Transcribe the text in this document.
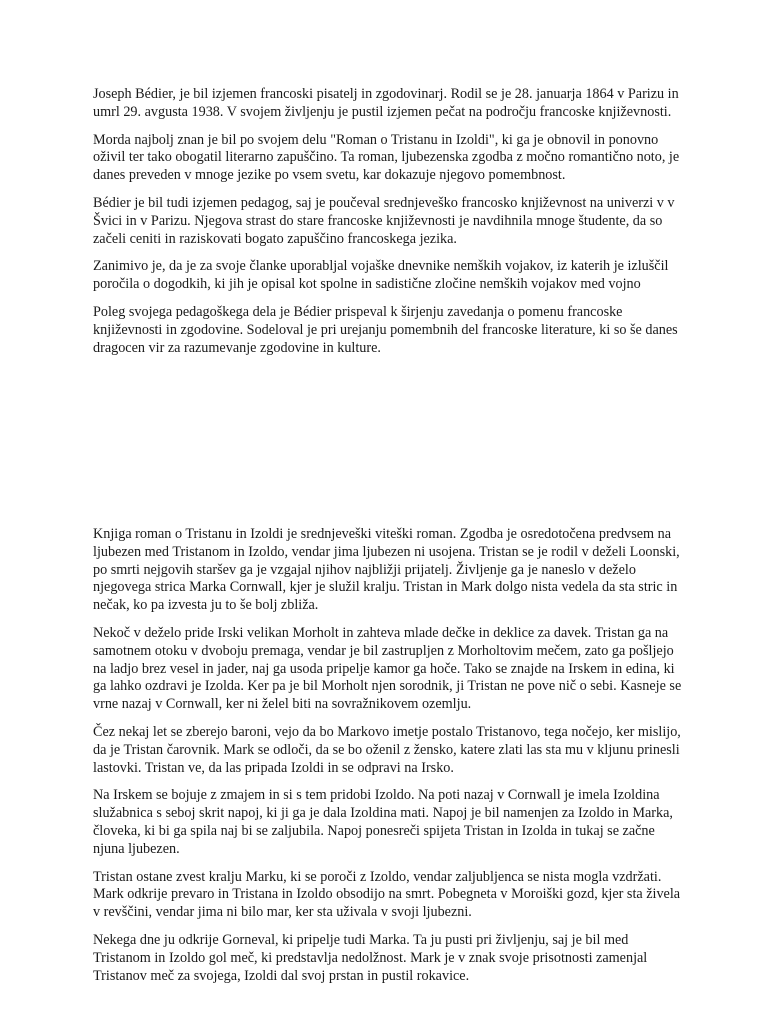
Joseph Bédier, je bil izjemen francoski pisatelj in zgodovinarj. Rodil se je 28. januarja 1864 v Parizu in umrl 29. avgusta 1938. V svojem življenju je pustil izjemen pečat na področju francoske književnosti.

Morda najbolj znan je bil po svojem delu "Roman o Tristanu in Izoldi", ki ga je obnovil in ponovno oživil ter tako obogatil literarno zapuščino. Ta roman, ljubezenska zgodba z močno romantično noto, je danes preveden v mnoge jezike po vsem svetu, kar dokazuje njegovo pomembnost.

Bédier je bil tudi izjemen pedagog, saj je poučeval srednjeveško francosko književnost na univerzi v v Švici in v Parizu. Njegova strast do stare francoske književnosti je navdihnila mnoge študente, da so začeli ceniti in raziskovati bogato zapuščino francoskega jezika.

Zanimivo je, da je za svoje članke uporabljal vojaške dnevnike nemških vojakov, iz katerih je izluščil poročila o dogodkih, ki jih je opisal kot spolne in sadistične zločine nemških vojakov med vojno

Poleg svojega pedagoškega dela je Bédier prispeval k širjenju zavedanja o pomenu francoske književnosti in zgodovine. Sodeloval je pri urejanju pomembnih del francoske literature, ki so še danes dragocen vir za razumevanje zgodovine in kulture.

Knjiga roman o Tristanu in Izoldi je srednjeveški viteški roman. Zgodba je osredotočena predvsem na ljubezen med Tristanom in Izoldo, vendar jima ljubezen ni usojena. Tristan se je rodil v deželi Loonski, po smrti nejgovih staršev ga je vzgajal njihov najbližji prijatelj. Življenje ga je naneslo v deželo njegovega strica Marka Cornwall, kjer je služil kralju. Tristan in Mark dolgo nista vedela da sta stric in nečak, ko pa izvesta ju to še bolj zbliža.

Nekoč v deželo pride Irski velikan Morholt in zahteva mlade dečke in deklice za davek. Tristan ga na samotnem otoku v dvoboju premaga, vendar je bil zastrupljen z Morholtovim mečem, zato ga pošljejo na ladjo brez vesel in jader, naj ga usoda pripelje kamor ga hoče. Tako se znajde na Irskem in edina, ki ga lahko ozdravi je Izolda. Ker pa je bil Morholt njen sorodnik, ji Tristan ne pove nič o sebi. Kasneje se vrne nazaj v Cornwall, ker ni želel biti na sovražnikovem ozemlju.

Čez nekaj let se zberejo baroni, vejo da bo Markovo imetje postalo Tristanovo, tega nočejo, ker mislijo, da je Tristan čarovnik. Mark se odloči, da se bo oženil z žensko, katere zlati las sta mu v kljunu prinesli lastovki. Tristan ve, da las pripada Izoldi in se odpravi na Irsko.

Na Irskem se bojuje z zmajem in si s tem pridobi Izoldo. Na poti nazaj v Cornwall je imela Izoldina služabnica s seboj skrit napoj, ki ji ga je dala Izoldina mati. Napoj je bil namenjen za Izoldo in Marka, človeka, ki bi ga spila naj bi se zaljubila. Napoj ponesreči spijeta Tristan in Izolda in tukaj se začne njuna ljubezen.

Tristan ostane zvest kralju Marku, ki se poroči z Izoldo, vendar zaljubljenca se nista mogla vzdržati. Mark odkrije prevaro in Tristana in Izoldo obsodijo na smrt. Pobegneta v Moroiški gozd, kjer sta živela v revščini, vendar jima ni bilo mar, ker sta uživala v svoji ljubezni.

Nekega dne ju odkrije Gorneval, ki pripelje tudi Marka. Ta ju pusti pri življenju, saj je bil med Tristanom in Izoldo gol meč, ki predstavlja nedolžnost. Mark je v znak svoje prisotnosti zamenjal Tristanov meč za svojega, Izoldi dal svoj prstan in pustil rokavice.
